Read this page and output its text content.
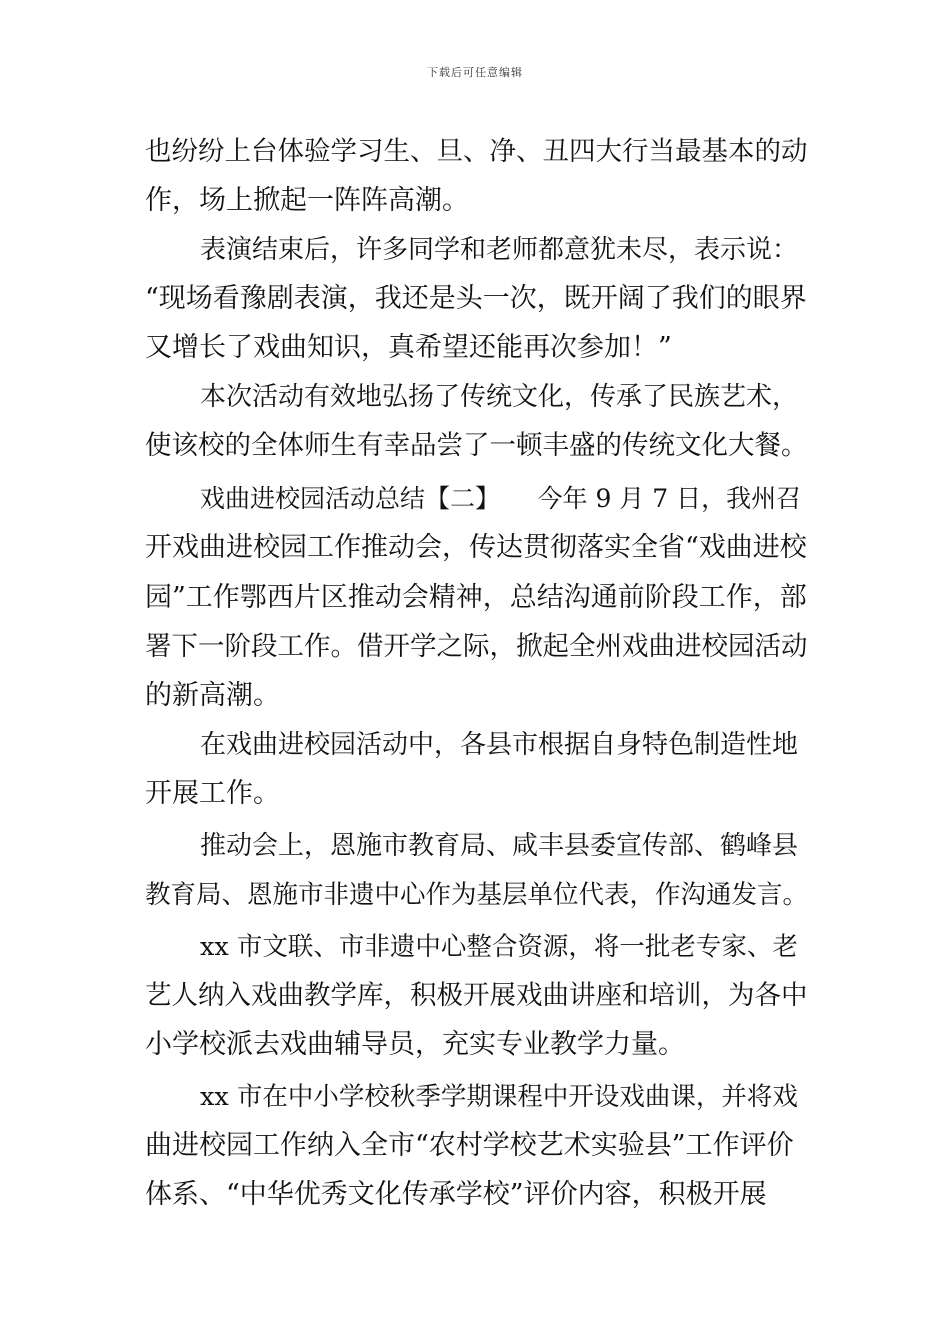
下载后可任意编辑
也纷纷上台体验学习生、旦、净、丑四大行当最基本的动
作，场上掀起一阵阵高潮。
表演结束后，许多同学和老师都意犹未尽，表示说：
“现场看豫剧表演，我还是头一次，既开阔了我们的眼界
又增长了戏曲知识，真希望还能再次参加！”
本次活动有效地弘扬了传统文化，传承了民族艺术，
使该校的全体师生有幸品尝了一顿丰盛的传统文化大餐。
戏曲进校园活动总结【二】　　今年 9 月 7 日，我州召
开戏曲进校园工作推动会，传达贯彻落实全省“戏曲进校
园”工作鄂西片区推动会精神，总结沟通前阶段工作，部
署下一阶段工作。借开学之际，掀起全州戏曲进校园活动
的新高潮。
在戏曲进校园活动中，各县市根据自身特色制造性地
开展工作。
推动会上，恩施市教育局、咸丰县委宣传部、鹤峰县
教育局、恩施市非遗中心作为基层单位代表，作沟通发言。
xx 市文联、市非遗中心整合资源，将一批老专家、老
艺人纳入戏曲教学库，积极开展戏曲讲座和培训，为各中
小学校派去戏曲辅导员，充实专业教学力量。
xx 市在中小学校秋季学期课程中开设戏曲课，并将戏
曲进校园工作纳入全市“农村学校艺术实验县”工作评价
体系、“中华优秀文化传承学校”评价内容，积极开展
